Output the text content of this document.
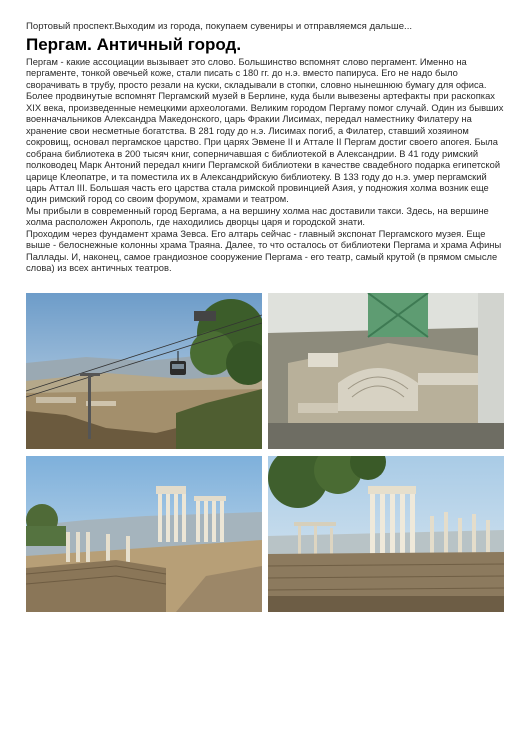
Портовый проспект.Выходим из города, покупаем сувениры и отправляемся дальше...
Пергам. Античный город.

Пергам - какие ассоциации вызывает это слово. Большинство вспомнят слово пергамент. Именно на пергаменте, тонкой овечьей коже, стали писать с 180 гг. до н.э. вместо папируса. Его не надо было сворачивать в трубу, просто резали на куски, складывали в стопки, словно нынешнюю бумагу для офиса. Более продвинутые вспомнят Пергамский музей в Берлине, куда были вывезены артефакты при раскопках XIX века, произведенные немецкими археологами. Великим городом Пергаму помог случай. Один из бывших военначальников Александра Македонского, царь Фракии Лисимах, передал наместнику Филатеру на хранение свои несметные богатства. В 281 году до н.э. Лисимах погиб, а Филатер, ставший хозяином сокровищ, основал пергамское царство. При царях Эвмене II и Аттале II Пергам достиг своего апогея. Была собрана библиотека в 200 тысяч книг, соперничавшая с библиотекой в Александрии. В 41 году римский полководец Марк Антоний передал книги Пергамской библиотеки в качестве свадебного подарка египетской царице Клеопатре, и та поместила их в Александрийскую библиотеку. В 133 году до н.э. умер пергамский царь Аттал III. Большая часть его царства стала римской провинцией Азия, у подножия холма возник еще один римский город со своим форумом, храмами и театром.

Мы прибыли в современный город Бергама, а на вершину холма нас доставили такси. Здесь, на вершине холма расположен Акрополь, где находились дворцы царя и городской знати.

Проходим через фундамент храма Зевса. Его алтарь сейчас - главный экспонат Пергамского музея. Еще выше - белоснежные колонны храма Траяна. Далее, то что осталось от библиотеки Пергама и храма Афины Паллады. И, наконец, самое грандиозное сооружение Пергама - его театр, самый крутой (в прямом смысле слова) из всех античных театров.
